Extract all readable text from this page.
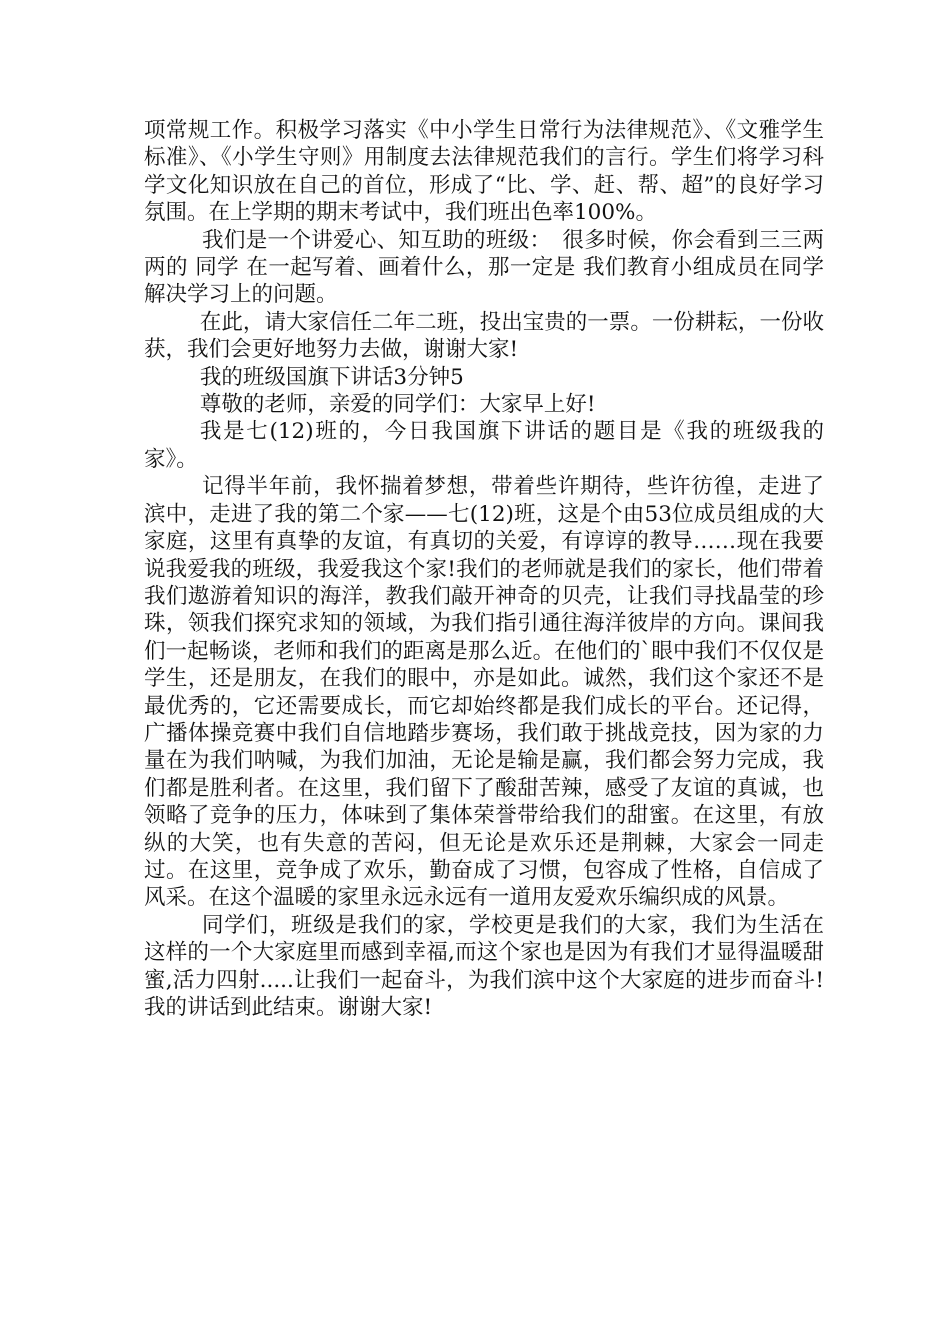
项常规工作。积极学习落实《中小学生日常行为法律规范》、《文雅学生标准》、《小学生守则》用制度去法律规范我们的言行。学生们将学习科学文化知识放在自己的首位，形成了“比、学、赶、帮、超”的良好学习氛围。在上学期的期末考试中，我们班出色率100%。

我们是一个讲爱心、知互助的班级：　很多时候，你会看到三三两两的 同学 在一起写着、画着什么，那一定是 我们教育小组成员在同学解决学习上的问题。

在此，请大家信任二年二班，投出宝贵的一票。一份耕耘，一份收获，我们会更好地努力去做，谢谢大家!

我的班级国旗下讲话3分钟5

尊敬的老师，亲爱的同学们：大家早上好!

我是七(12)班的，今日我国旗下讲话的题目是《我的班级我的家》。

记得半年前，我怀揣着梦想，带着些许期待，些许彷徨，走进了滨中，走进了我的第二个家——七(12)班，这是个由53位成员组成的大家庭，这里有真挚的友谊，有真切的关爱，有谆谆的教导……现在我要说我爱我的班级，我爱我这个家!我们的老师就是我们的家长，他们带着我们遨游着知识的海洋，教我们敲开神奇的贝壳，让我们寻找晶莹的珍珠，领我们探究求知的领域，为我们指引通往海洋彼岸的方向。课间我们一起畅谈，老师和我们的距离是那么近。在他们的`眼中我们不仅仅是学生，还是朋友，在我们的眼中，亦是如此。诚然，我们这个家还不是最优秀的，它还需要成长，而它却始终都是我们成长的平台。还记得，广播体操竞赛中我们自信地踏步赛场，我们敢于挑战竞技，因为家的力量在为我们呐喊，为我们加油，无论是输是赢，我们都会努力完成，我们都是胜利者。在这里，我们留下了酸甜苦辣，感受了友谊的真诚，也领略了竞争的压力，体味到了集体荣誉带给我们的甜蜜。在这里，有放纵的大笑，也有失意的苦闷，但无论是欢乐还是荆棘，大家会一同走过。在这里，竞争成了欢乐，勤奋成了习惯，包容成了性格，自信成了风采。在这个温暖的家里永远永远有一道用友爱欢乐编织成的风景。

同学们，班级是我们的家，学校更是我们的大家，我们为生活在这样的一个大家庭里而感到幸福,而这个家也是因为有我们才显得温暖甜蜜,活力四射.....让我们一起奋斗，为我们滨中这个大家庭的进步而奋斗!我的讲话到此结束。谢谢大家!
